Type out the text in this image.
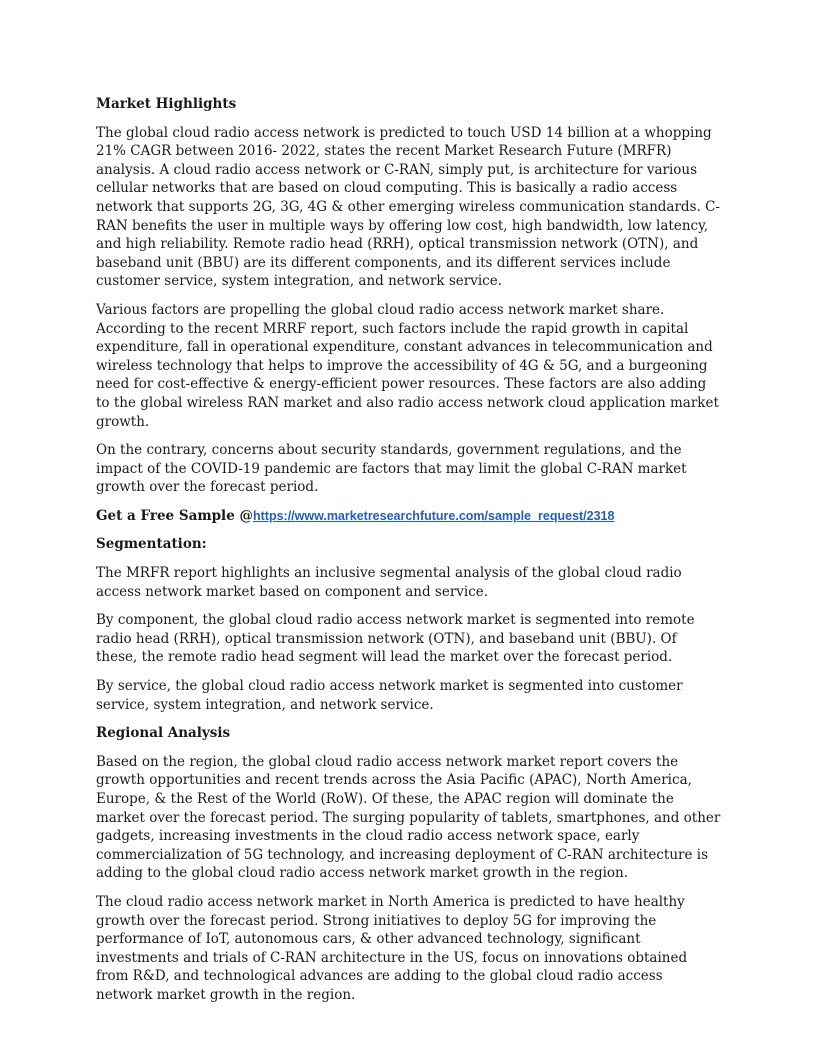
Market Highlights

The global cloud radio access network is predicted to touch USD 14 billion at a whopping 21% CAGR between 2016- 2022, states the recent Market Research Future (MRFR) analysis. A cloud radio access network or C-RAN, simply put, is architecture for various cellular networks that are based on cloud computing. This is basically a radio access network that supports 2G, 3G, 4G & other emerging wireless communication standards. C-RAN benefits the user in multiple ways by offering low cost, high bandwidth, low latency, and high reliability. Remote radio head (RRH), optical transmission network (OTN), and baseband unit (BBU) are its different components, and its different services include customer service, system integration, and network service.

Various factors are propelling the global cloud radio access network market share. According to the recent MRRF report, such factors include the rapid growth in capital expenditure, fall in operational expenditure, constant advances in telecommunication and wireless technology that helps to improve the accessibility of 4G & 5G, and a burgeoning need for cost-effective & energy-efficient power resources. These factors are also adding to the global wireless RAN market and also radio access network cloud application market growth.

On the contrary, concerns about security standards, government regulations, and the impact of the COVID-19 pandemic are factors that may limit the global C-RAN market growth over the forecast period.

Get a Free Sample @https://www.marketresearchfuture.com/sample_request/2318

Segmentation:

The MRFR report highlights an inclusive segmental analysis of the global cloud radio access network market based on component and service.

By component, the global cloud radio access network market is segmented into remote radio head (RRH), optical transmission network (OTN), and baseband unit (BBU). Of these, the remote radio head segment will lead the market over the forecast period.

By service, the global cloud radio access network market is segmented into customer service, system integration, and network service.

Regional Analysis

Based on the region, the global cloud radio access network market report covers the growth opportunities and recent trends across the Asia Pacific (APAC), North America, Europe, & the Rest of the World (RoW). Of these, the APAC region will dominate the market over the forecast period. The surging popularity of tablets, smartphones, and other gadgets, increasing investments in the cloud radio access network space, early commercialization of 5G technology, and increasing deployment of C-RAN architecture is adding to the global cloud radio access network market growth in the region.

The cloud radio access network market in North America is predicted to have healthy growth over the forecast period. Strong initiatives to deploy 5G for improving the performance of IoT, autonomous cars, & other advanced technology, significant investments and trials of C-RAN architecture in the US, focus on innovations obtained from R&D, and technological advances are adding to the global cloud radio access network market growth in the region.
